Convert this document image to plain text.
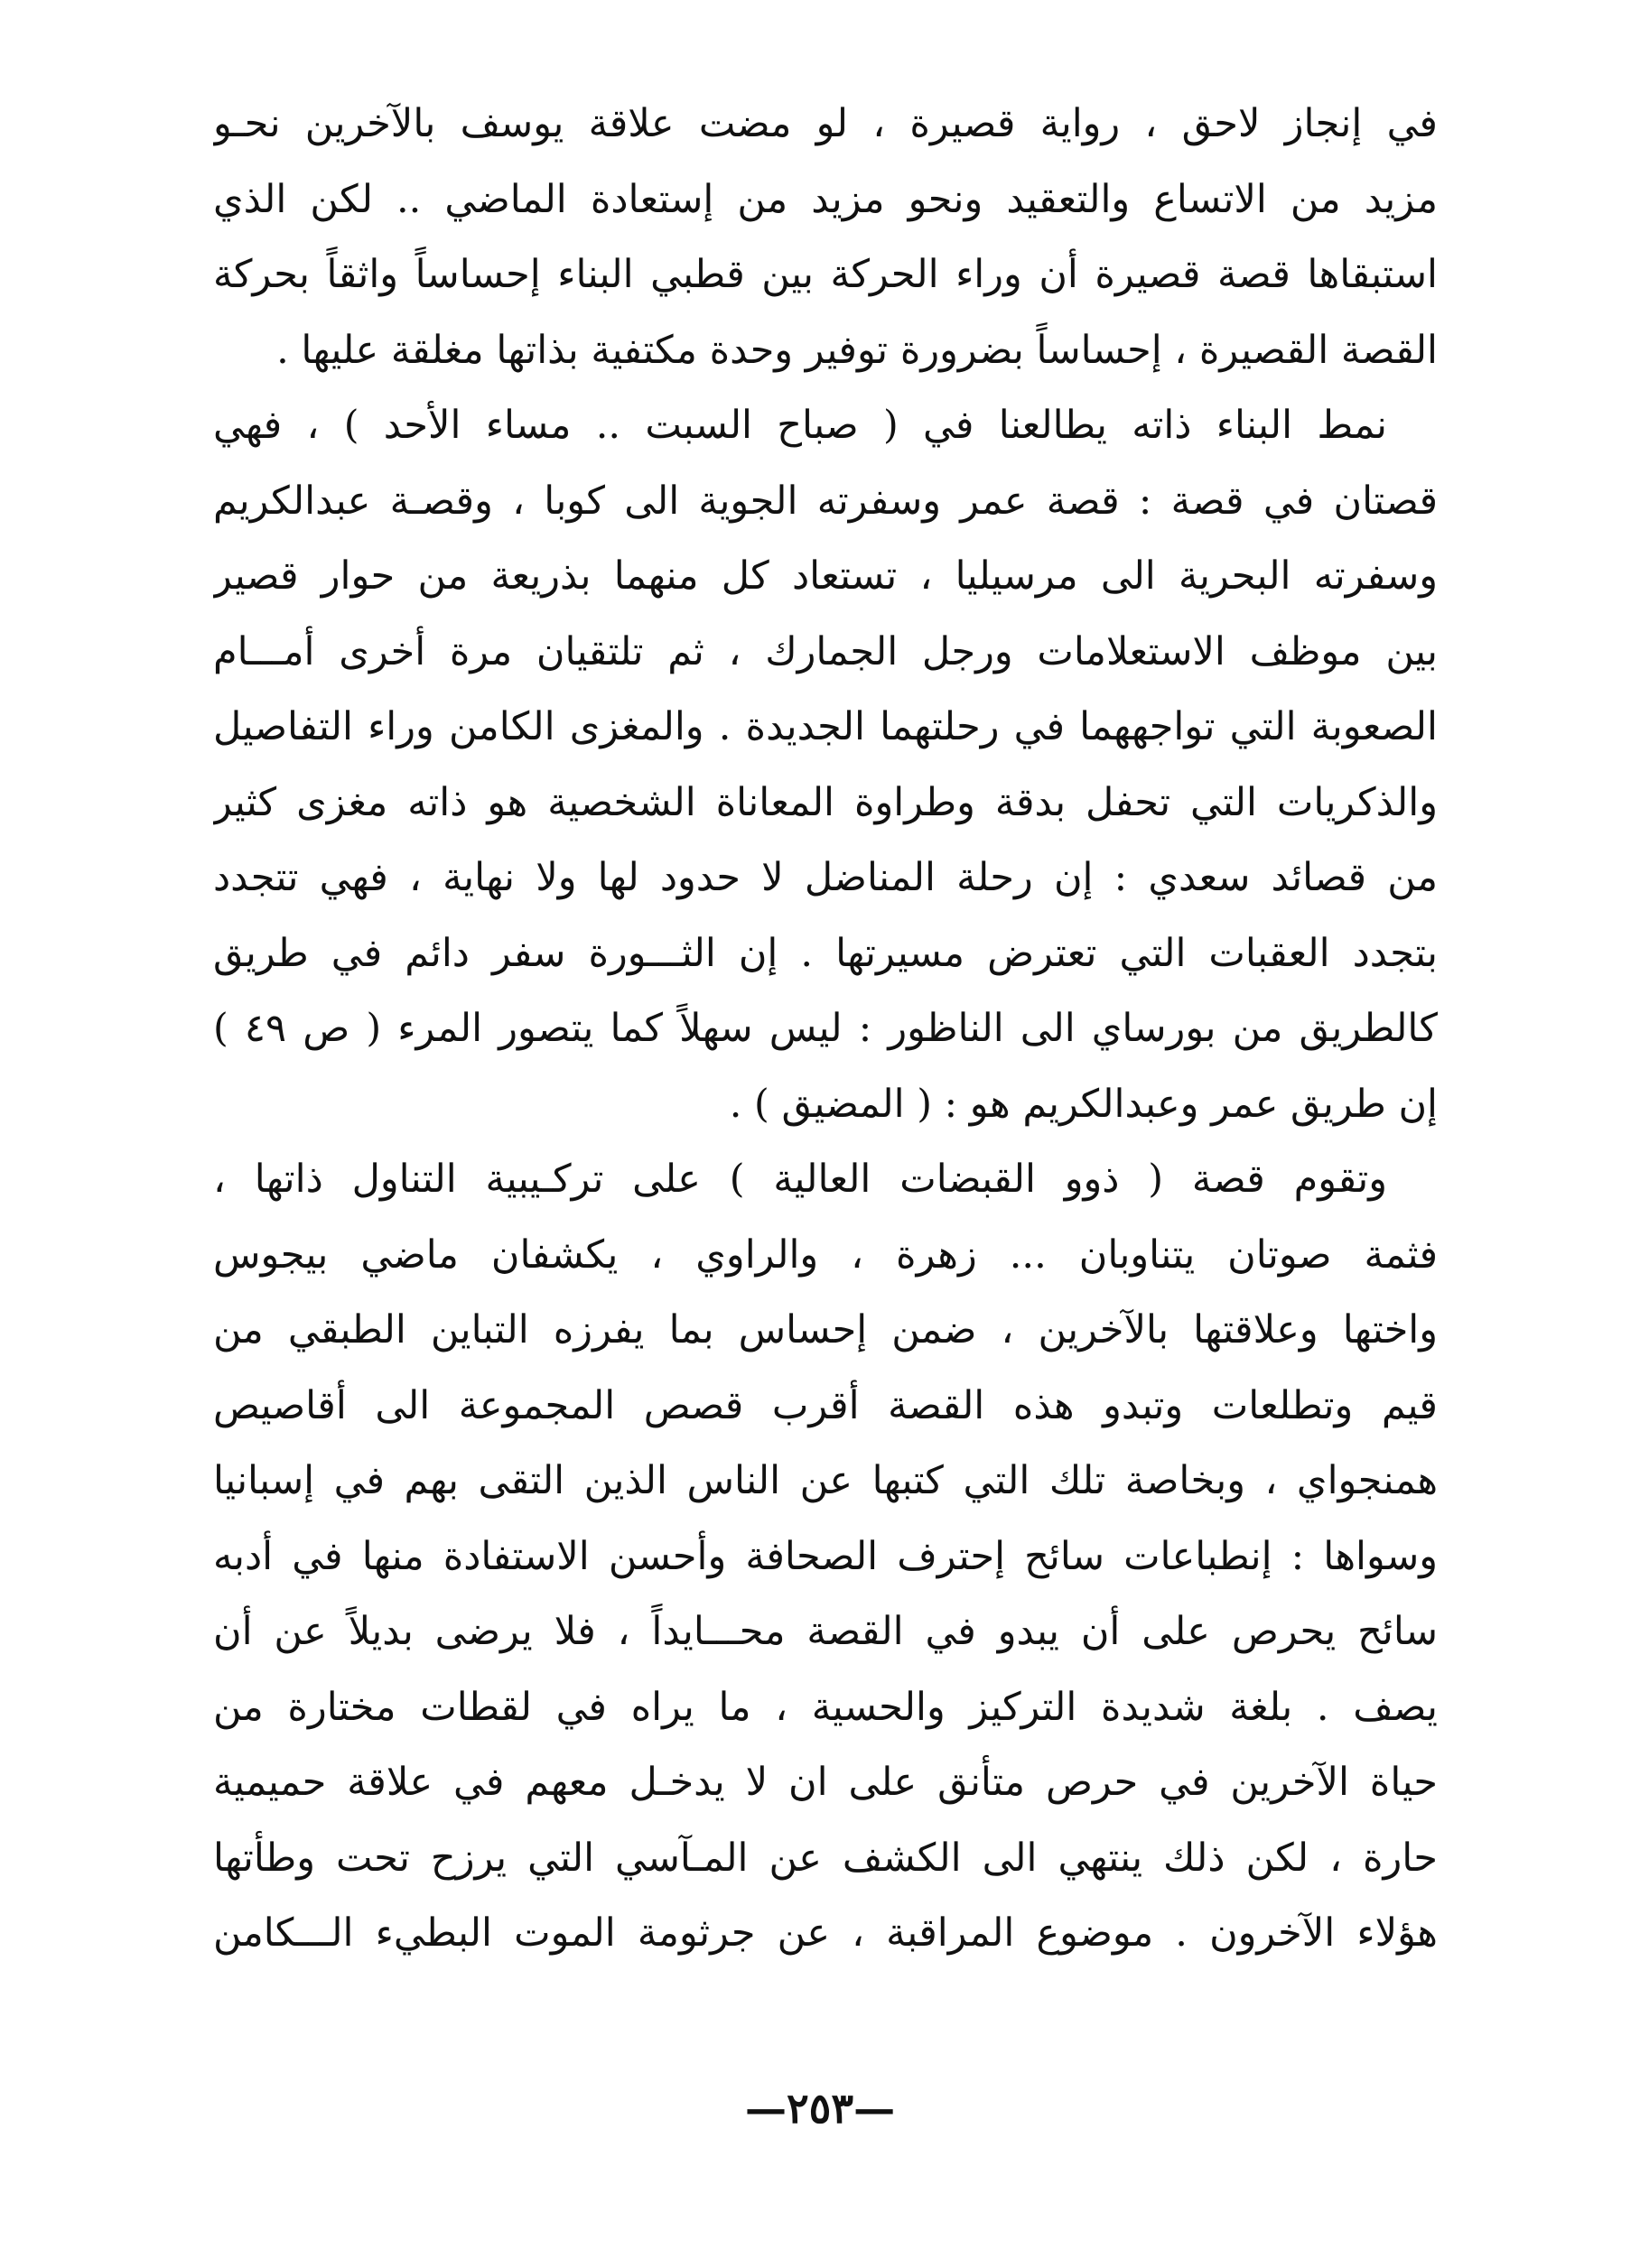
في إنجاز لاحق ، رواية قصيرة ، لو مضت علاقة يوسف بالآخرين نحـو
مزيد من الاتساع والتعقيد ونحو مزيد من إستعادة الماضي .. لكن الذي
استبقاها قصة قصيرة أن وراء الحركة بين قطبي البناء إحساساً واثقاً بحركة
القصة القصيرة ، إحساساً بضرورة توفير وحدة مكتفية بذاتها مغلقة عليها .
نمط البناء ذاته يطالعنا في ( صباح السبت .. مساء الأحد ) ، فهي
قصتان في قصة : قصة عمر وسفرته الجوية الى كوبا ، وقصـة عبدالكريم
وسفرته البحرية الى مرسيليا ، تستعاد كل منهما بذريعة من حوار قصير
بين موظف الاستعلامات ورجل الجمارك ، ثم تلتقيان مرة أخرى أمـــام
الصعوبة التي تواجههما في رحلتهما الجديدة . والمغزى الكامن وراء التفاصيل
والذكريات التي تحفل بدقة وطراوة المعاناة الشخصية هو ذاته مغزى كثير
من قصائد سعدي : إن رحلة المناضل لا حدود لها ولا نهاية ، فهي تتجدد
بتجدد العقبات التي تعترض مسيرتها . إن الثـــورة سفر دائم في طريق
كالطريق من بورساي الى الناظور : ليس سهلاً كما يتصور المرء ( ص ٤٩ )
إن طريق عمر وعبدالكريم هو : ( المضيق ) .
وتقوم قصة ( ذوو القبضات العالية ) على تركـيبية التناول ذاتها ،
فثمة صوتان يتناوبان ... زهرة ، والراوي ، يكشفان ماضي بيجوس
واختها وعلاقتها بالآخرين ، ضمن إحساس بما يفرزه التباين الطبقي من
قيم وتطلعات وتبدو هذه القصة أقرب قصص المجموعة الى أقاصيص
همنجواي ، وبخاصة تلك التي كتبها عن الناس الذين التقى بهم في إسبانيا
وسواها : إنطباعات سائح إحترف الصحافة وأحسن الاستفادة منها في أدبه
سائح يحرص على أن يبدو في القصة محـــايداً ، فلا يرضى بديلاً عن أن
يصف . بلغة شديدة التركيز والحسية ، ما يراه في لقطات مختارة من
حياة الآخرين في حرص متأنق على ان لا يدخـل معهم في علاقة حميمية
حارة ، لكن ذلك ينتهي الى الكشف عن المـآسي التي يرزح تحت وطأتها
هؤلاء الآخرون . موضوع المراقبة ، عن جرثومة الموت البطيء الـــكامن
—٢٥٣—
